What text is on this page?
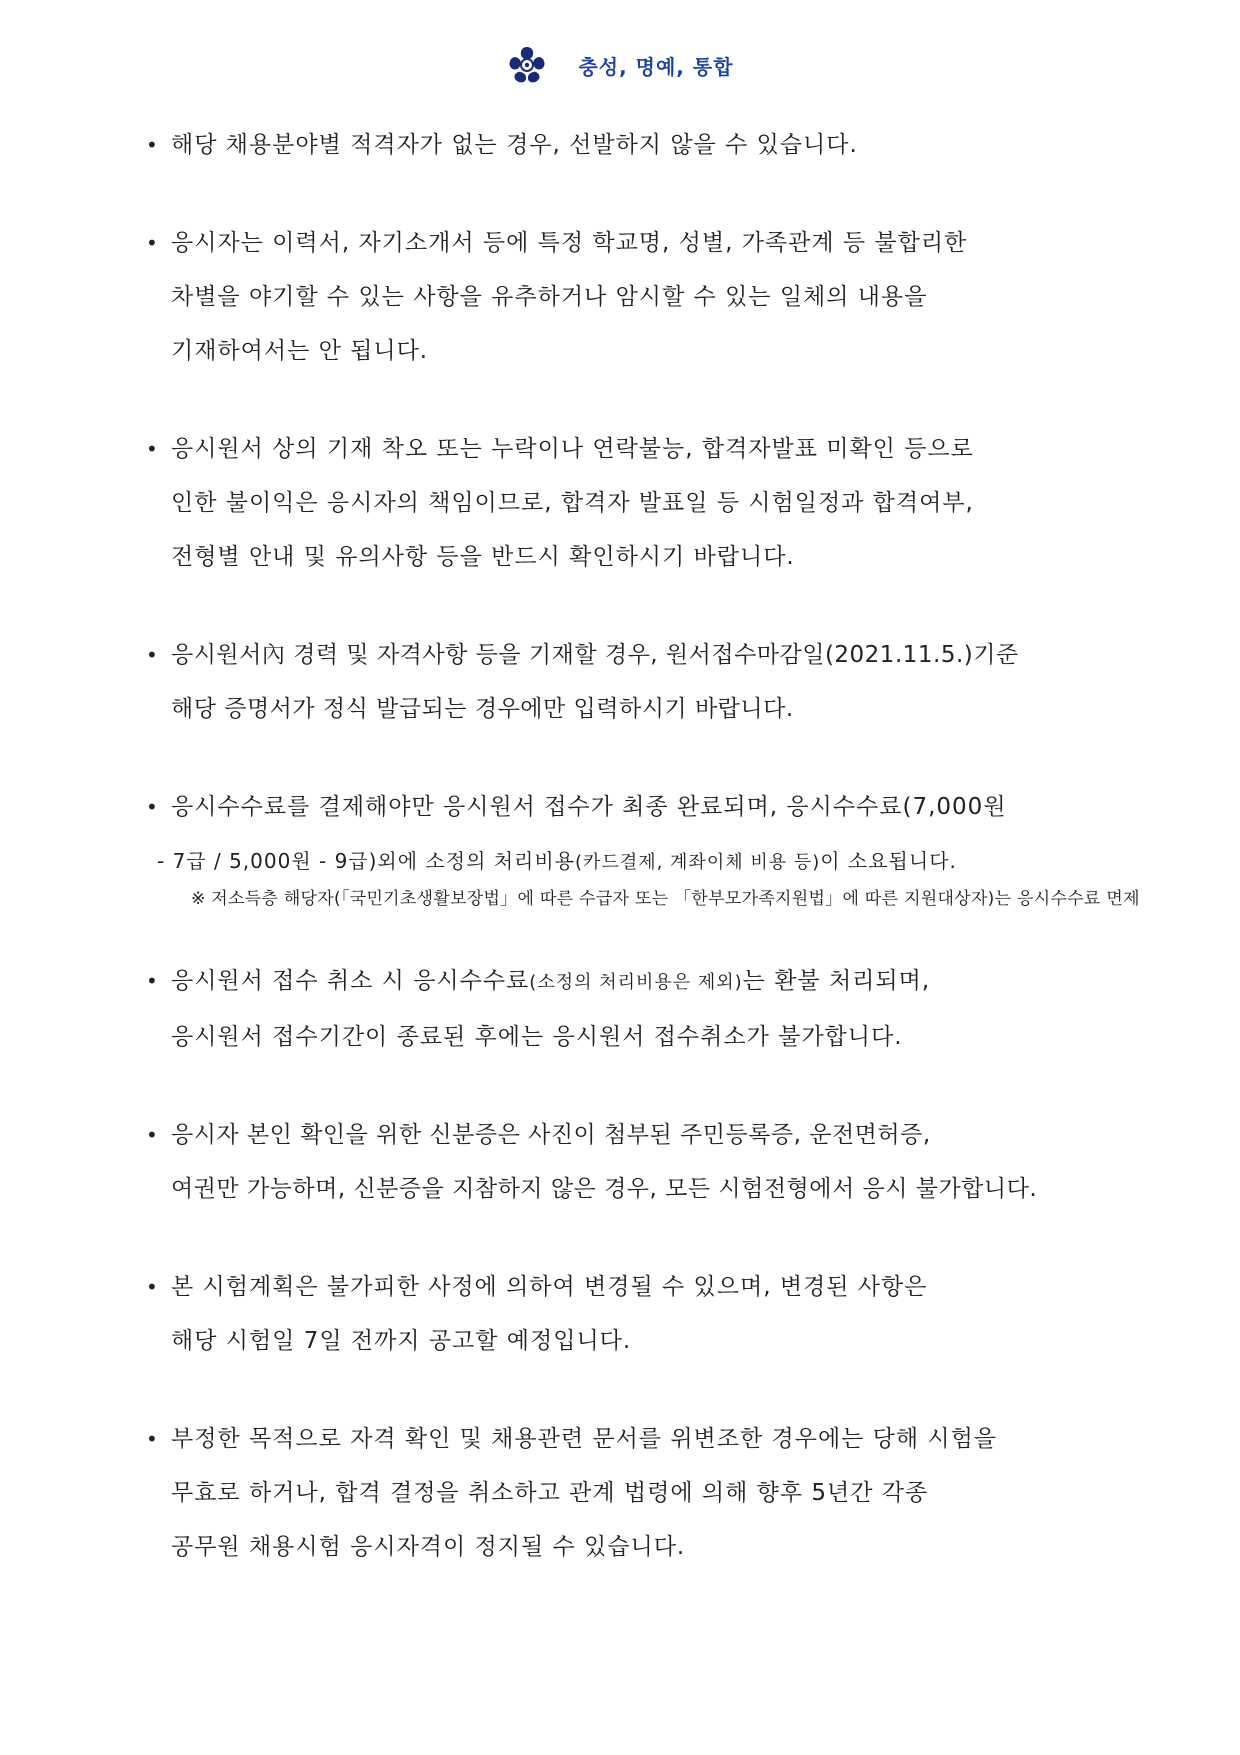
충성, 명예, 통합
• 해당 채용분야별 적격자가 없는 경우, 선발하지 않을 수 있습니다.
• 응시자는 이력서, 자기소개서 등에 특정 학교명, 성별, 가족관계 등 불합리한
차별을 야기할 수 있는 사항을 유추하거나 암시할 수 있는 일체의 내용을
기재하여서는 안 됩니다.
• 응시원서 상의 기재 착오 또는 누락이나 연락불능, 합격자발표 미확인 등으로
인한 불이익은 응시자의 책임이므로, 합격자 발표일 등 시험일정과 합격여부,
전형별 안내 및 유의사항 등을 반드시 확인하시기 바랍니다.
• 응시원서內 경력 및 자격사항 등을 기재할 경우, 원서접수마감일(2021.11.5.)기준
해당 증명서가 정식 발급되는 경우에만 입력하시기 바랍니다.
• 응시수수료를 결제해야만 응시원서 접수가 최종 완료되며, 응시수수료(7,000원
- 7급 / 5,000원 - 9급)외에 소정의 처리비용(카드결제, 계좌이체 비용 등)이 소요됩니다.
※ 저소득층 해당자(「국민기초생활보장법」에 따른 수급자 또는 「한부모가족지원법」에 따른 지원대상자)는 응시수수료 면제
• 응시원서 접수 취소 시 응시수수료(소정의 처리비용은 제외)는 환불 처리되며,
응시원서 접수기간이 종료된 후에는 응시원서 접수취소가 불가합니다.
• 응시자 본인 확인을 위한 신분증은 사진이 첨부된 주민등록증, 운전면허증,
여권만 가능하며, 신분증을 지참하지 않은 경우, 모든 시험전형에서 응시 불가합니다.
• 본 시험계획은 불가피한 사정에 의하여 변경될 수 있으며, 변경된 사항은
해당 시험일 7일 전까지 공고할 예정입니다.
• 부정한 목적으로 자격 확인 및 채용관련 문서를 위변조한 경우에는 당해 시험을
무효로 하거나, 합격 결정을 취소하고 관계 법령에 의해 향후 5년간 각종
공무원 채용시험 응시자격이 정지될 수 있습니다.
